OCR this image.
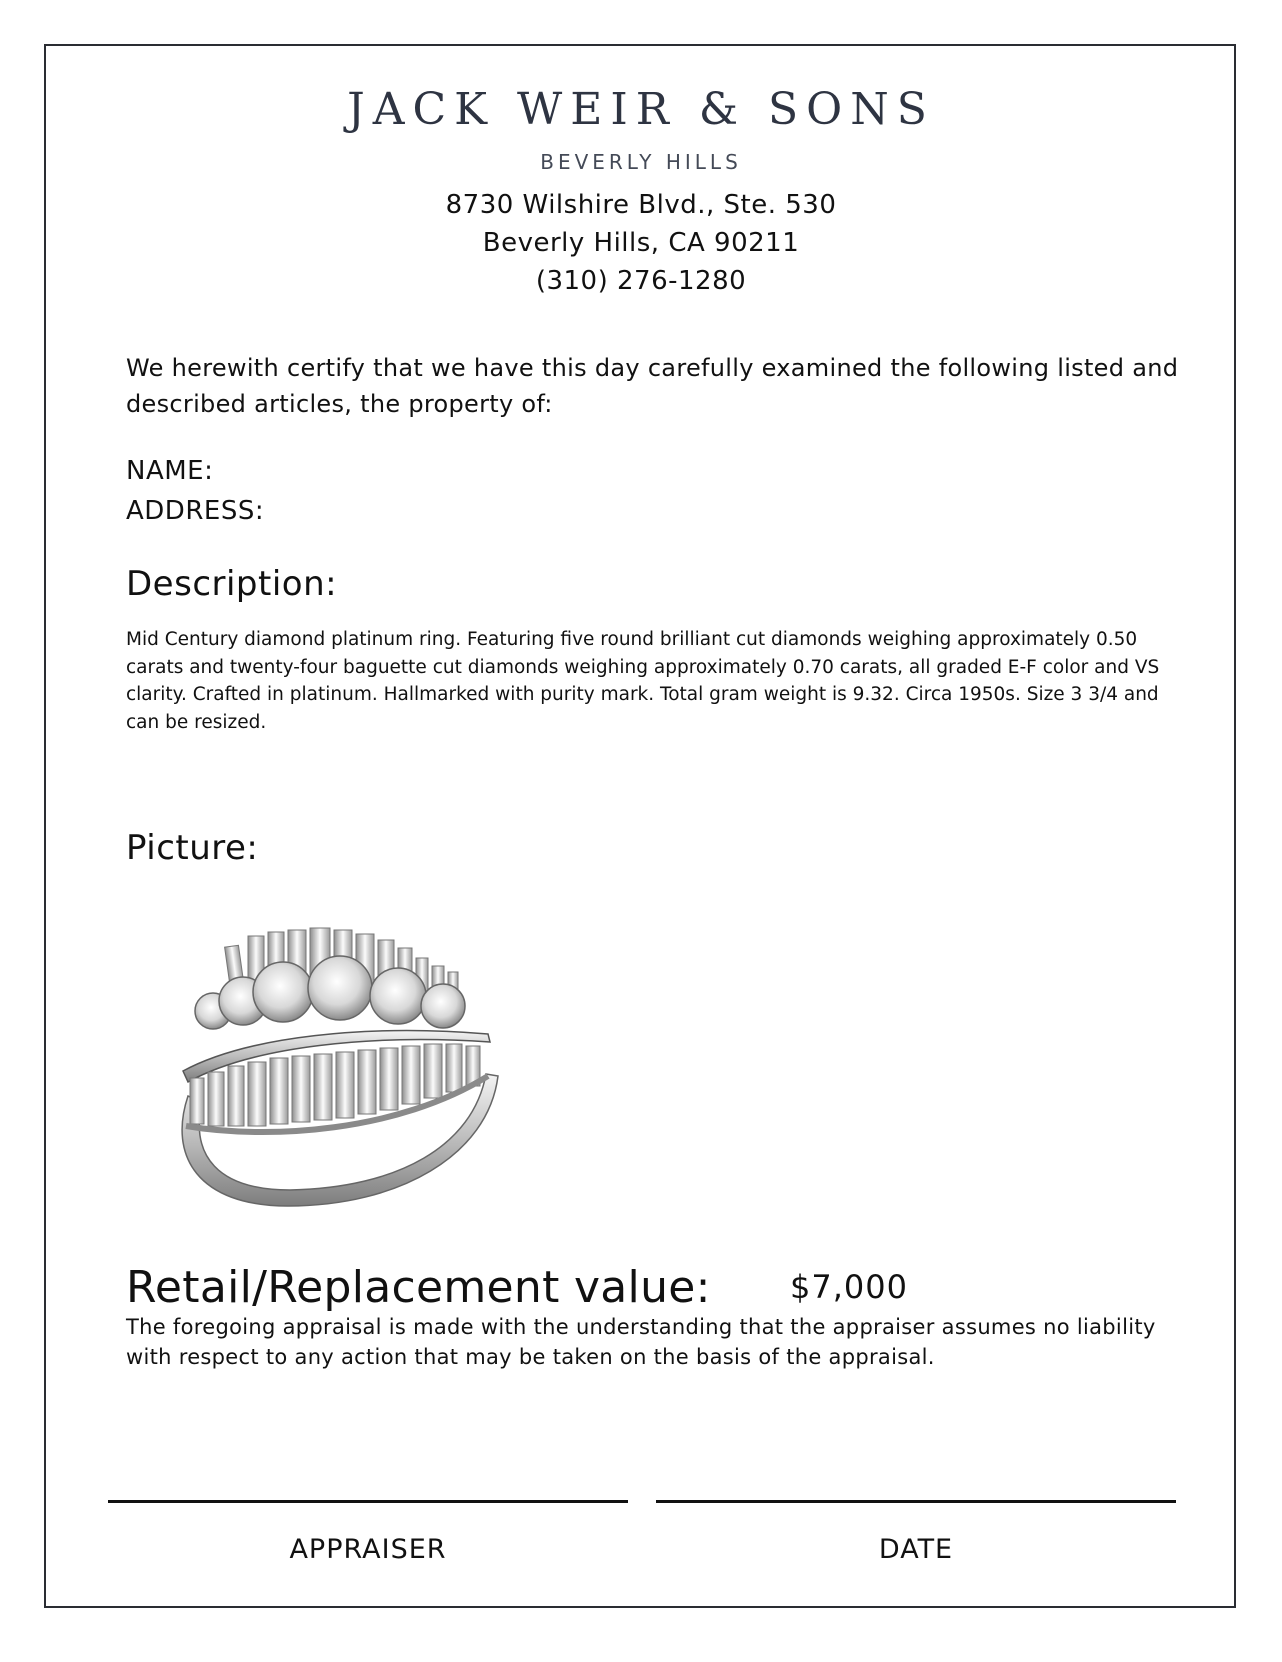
JACK WEIR & SONS
BEVERLY HILLS
8730 Wilshire Blvd., Ste. 530
Beverly Hills, CA 90211
(310) 276-1280
We herewith certify that we have this day carefully examined the following listed and described articles, the property of:
NAME:
ADDRESS:
Description:
Mid Century diamond platinum ring. Featuring five round brilliant cut diamonds weighing approximately 0.50 carats and twenty-four baguette cut diamonds weighing approximately 0.70 carats, all graded E-F color and VS clarity. Crafted in platinum. Hallmarked with purity mark. Total gram weight is 9.32. Circa 1950s. Size 3 3/4 and can be resized.
Picture:
Retail/Replacement value: $7,000
The foregoing appraisal is made with the understanding that the appraiser assumes no liability with respect to any action that may be taken on the basis of the appraisal.
APPRAISER	DATE
